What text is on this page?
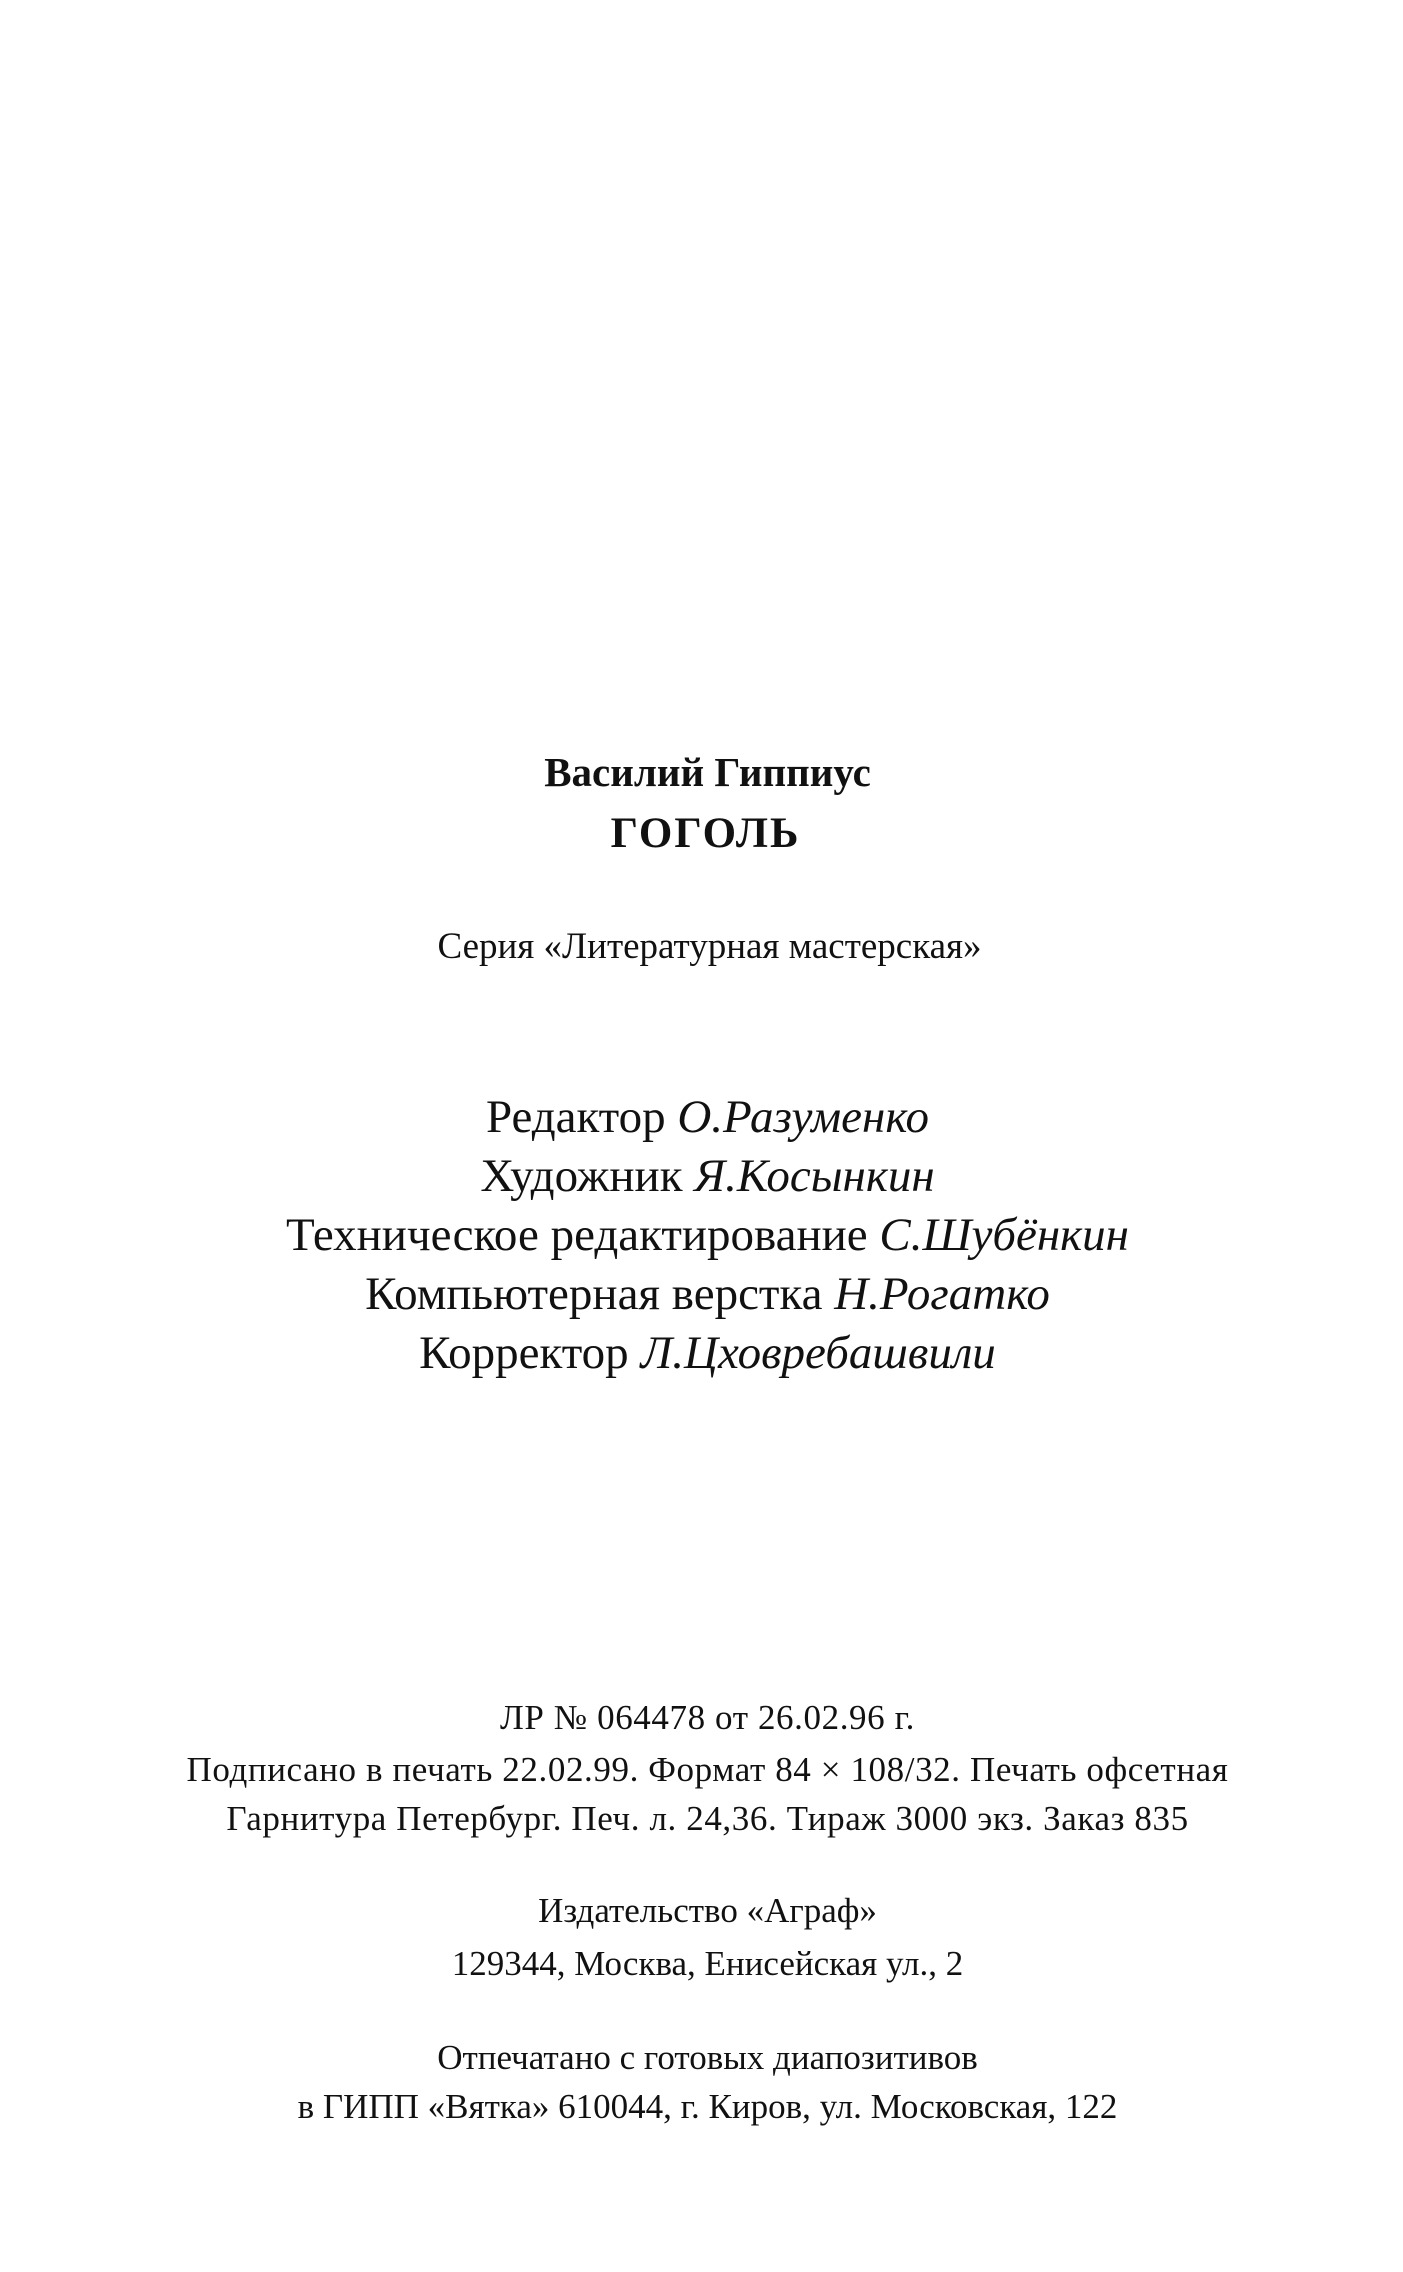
Василий Гиппиус
ГОГОЛЬ
Серия «Литературная мастерская»
Редактор О.Разуменко
Художник Я.Косынкин
Техническое редактирование С.Шубёнкин
Компьютерная верстка Н.Рогатко
Корректор Л.Цховребашвили
ЛР № 064478 от 26.02.96 г.
Подписано в печать 22.02.99. Формат 84 × 108/32. Печать офсетная
Гарнитура Петербург. Печ. л. 24,36. Тираж 3000 экз. Заказ 835
Издательство «Аграф»
129344, Москва, Енисейская ул., 2
Отпечатано с готовых диапозитивов
в ГИПП «Вятка» 610044, г. Киров, ул. Московская, 122
